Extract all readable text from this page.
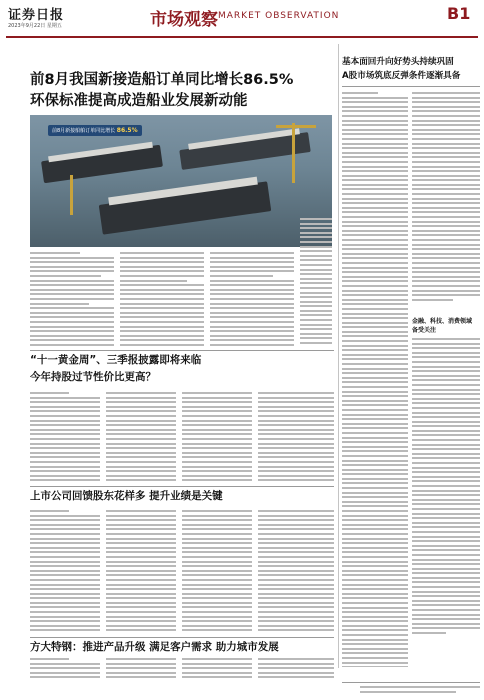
证券日报
2023年9月22日 星期五	市场观察 MARKET OBSERVATION	B1
前8月我国新接造船订单同比增长86.5%
环保标准提高成造船业发展新动能
前8月新接船舶订单同比增长 86.5%
基本面回升向好势头持续巩固
A股市场筑底反弹条件逐渐具备
金融、科技、消费领域
备受关注
“十一黄金周”、三季报披露即将来临
今年持股过节性价比更高？
上市公司回馈股东花样多 提升业绩是关键
方大特钢：推进产品升级 满足客户需求 助力城市发展
